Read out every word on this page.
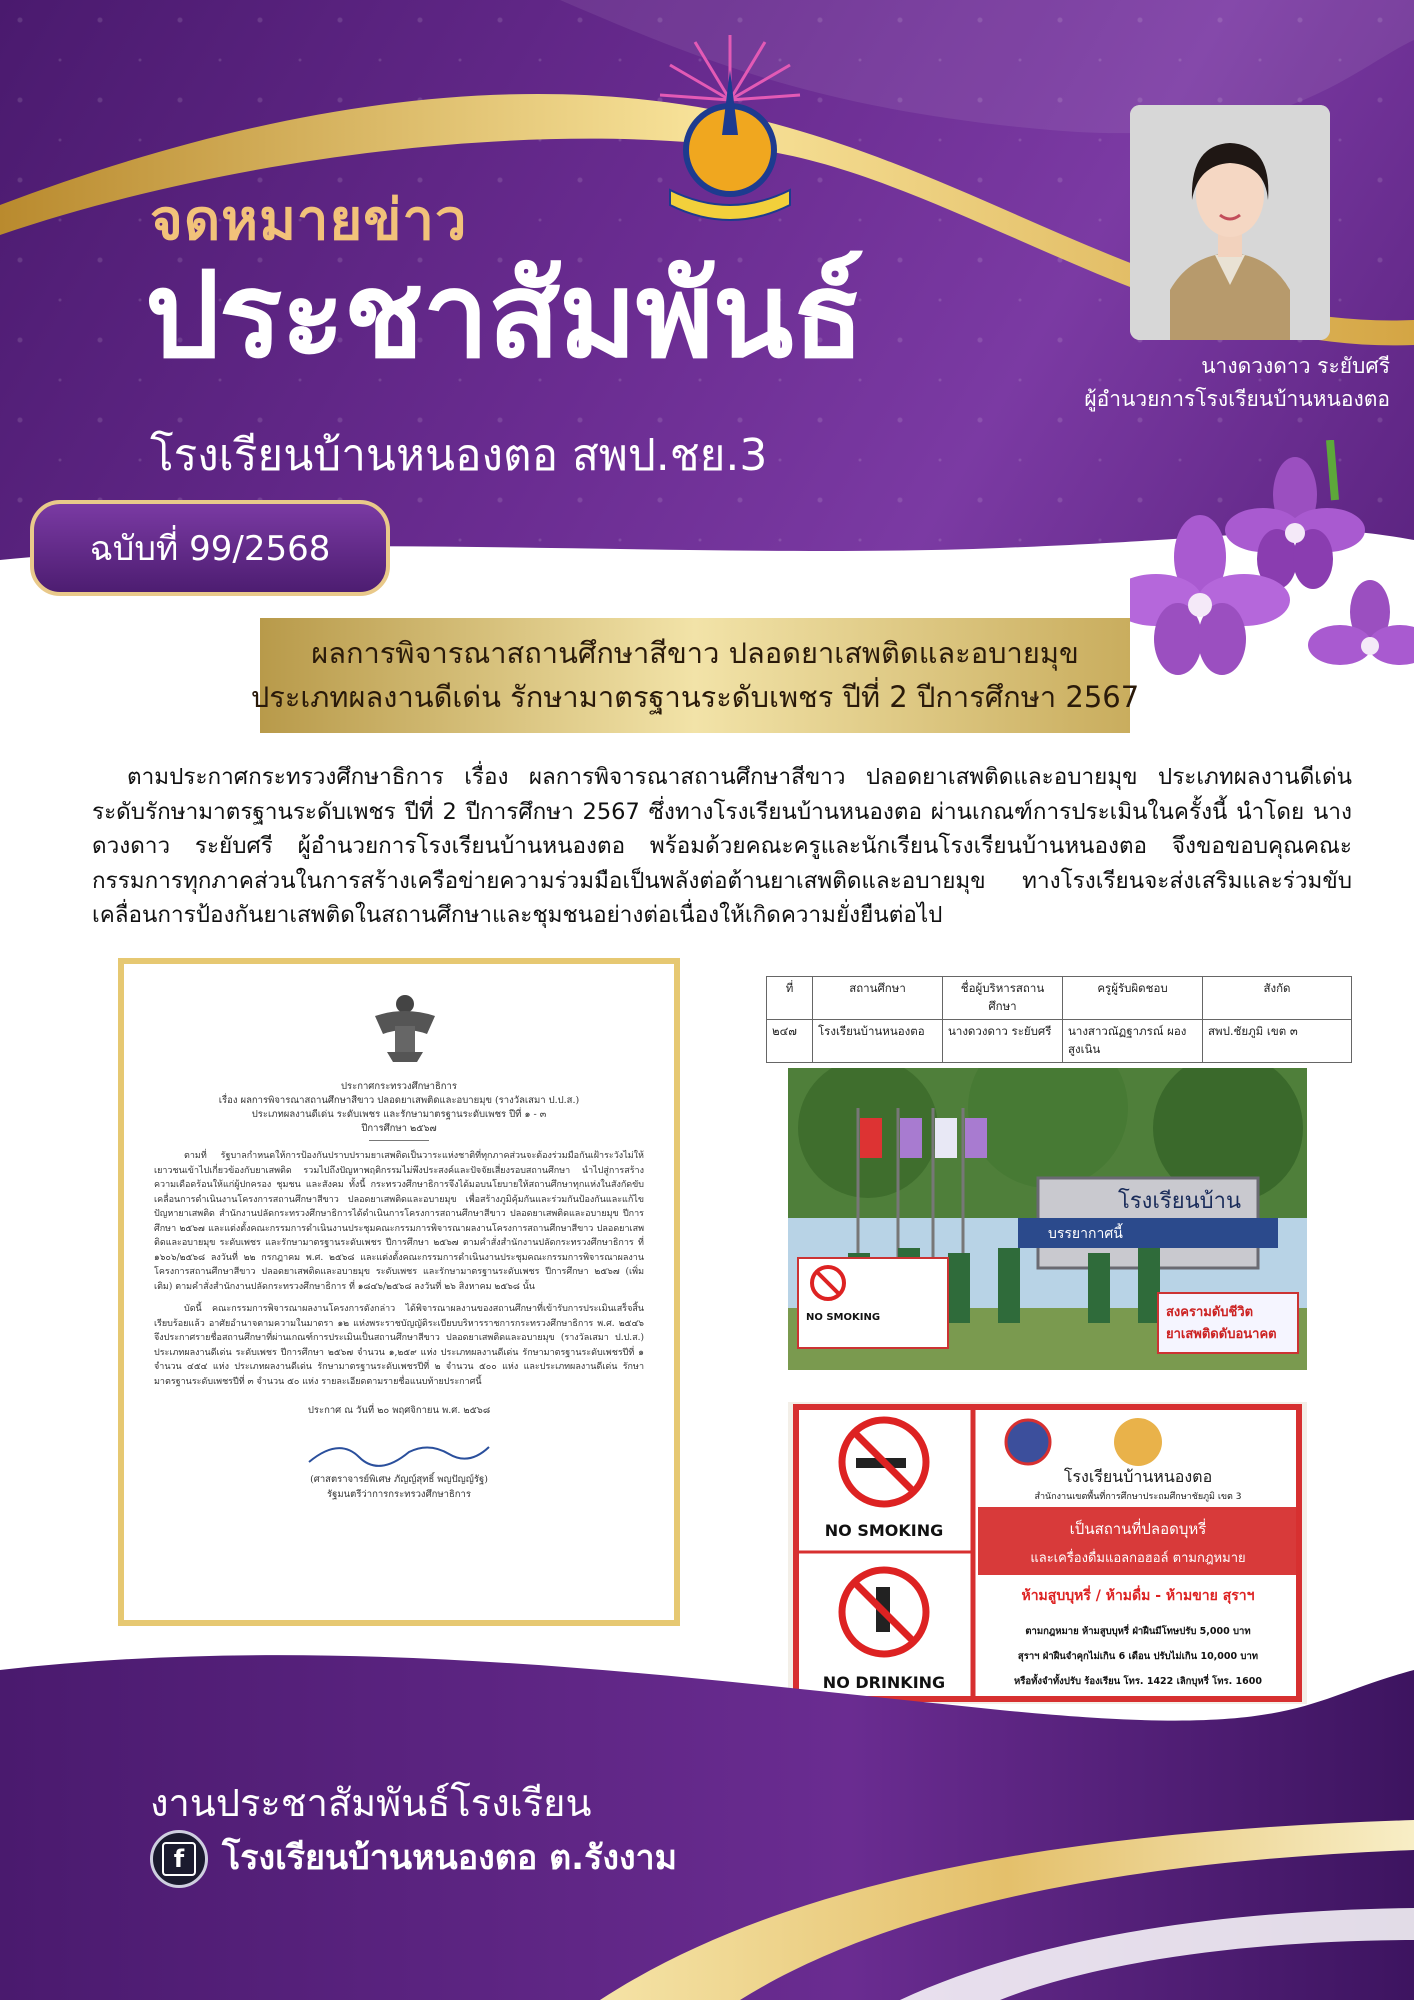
จดหมายข่าว
ประชาสัมพันธ์
โรงเรียนบ้านหนองตอ สพป.ชย.3
ฉบับที่ 99/2568
นางดวงดาว ระยับศรี
ผู้อำนวยการโรงเรียนบ้านหนองตอ
ผลการพิจารณาสถานศึกษาสีขาว ปลอดยาเสพติดและอบายมุข
ประเภทผลงานดีเด่น รักษามาตรฐานระดับเพชร ปีที่ 2 ปีการศึกษา 2567

ตามประกาศกระทรวงศึกษาธิการ เรื่อง ผลการพิจารณาสถานศึกษาสีขาว ปลอดยาเสพติดและอบายมุข ประเภทผลงานดีเด่น ระดับรักษามาตรฐานระดับเพชร ปีที่ 2 ปีการศึกษา 2567 ซึ่งทางโรงเรียนบ้านหนองตอ ผ่านเกณฑ์การประเมินในครั้งนี้ นำโดย นางดวงดาว ระยับศรี ผู้อำนวยการโรงเรียนบ้านหนองตอ พร้อมด้วยคณะครูและนักเรียนโรงเรียนบ้านหนองตอ จึงขอขอบคุณคณะกรรมการทุกภาคส่วนในการสร้างเครือข่ายความร่วมมือเป็นพลังต่อต้านยาเสพติดและอบายมุข ทางโรงเรียนจะส่งเสริมและร่วมขับเคลื่อนการป้องกันยาเสพติดในสถานศึกษาและชุมชนอย่างต่อเนื่องให้เกิดความยั่งยืนต่อไป

ประกาศกระทรวงศึกษาธิการ
เรื่อง ผลการพิจารณาสถานศึกษาสีขาว ปลอดยาเสพติดและอบายมุข (รางวัลเสมา ป.ป.ส.)
ประเภทผลงานดีเด่น ระดับเพชร และรักษามาตรฐานระดับเพชร ปีที่ ๑ - ๓
ปีการศึกษา ๒๕๖๗

ตามที่ รัฐบาลกำหนดให้การป้องกันปราบปรามยาเสพติดเป็นวาระแห่งชาติที่ทุกภาคส่วนจะต้องร่วมมือกันเฝ้าระวังไม่ให้เยาวชนเข้าไปเกี่ยวข้องกับยาเสพติด รวมไปถึงปัญหาพฤติกรรมไม่พึงประสงค์และปัจจัยเสี่ยงรอบสถานศึกษา นำไปสู่การสร้างความเดือดร้อนให้แก่ผู้ปกครอง ชุมชน และสังคม ทั้งนี้ กระทรวงศึกษาธิการจึงได้มอบนโยบายให้สถานศึกษาทุกแห่งในสังกัดขับเคลื่อนการดำเนินงานโครงการสถานศึกษาสีขาว ปลอดยาเสพติดและอบายมุข เพื่อสร้างภูมิคุ้มกันและร่วมกันป้องกันและแก้ไขปัญหายาเสพติด สำนักงานปลัดกระทรวงศึกษาธิการได้ดำเนินการโครงการสถานศึกษาสีขาว ปลอดยาเสพติดและอบายมุข ปีการศึกษา ๒๕๖๗ และแต่งตั้งคณะกรรมการดำเนินงานประชุมคณะกรรมการพิจารณาผลงานโครงการสถานศึกษาสีขาว ปลอดยาเสพติดและอบายมุข ระดับเพชร และรักษามาตรฐานระดับเพชร ปีการศึกษา ๒๕๖๗ ตามคำสั่งสำนักงานปลัดกระทรวงศึกษาธิการ ที่ ๑๖๐๖/๒๕๖๘ ลงวันที่ ๒๒ กรกฎาคม พ.ศ. ๒๕๖๘ และแต่งตั้งคณะกรรมการดำเนินงานประชุมคณะกรรมการพิจารณาผลงานโครงการสถานศึกษาสีขาว ปลอดยาเสพติดและอบายมุข ระดับเพชร และรักษามาตรฐานระดับเพชร ปีการศึกษา ๒๕๖๗ (เพิ่มเติม) ตามคำสั่งสำนักงานปลัดกระทรวงศึกษาธิการ ที่ ๑๘๔๖/๒๕๖๘ ลงวันที่ ๒๖ สิงหาคม ๒๕๖๘ นั้น

บัดนี้ คณะกรรมการพิจารณาผลงานโครงการดังกล่าว ได้พิจารณาผลงานของสถานศึกษาที่เข้ารับการประเมินเสร็จสิ้นเรียบร้อยแล้ว อาศัยอำนาจตามความในมาตรา ๑๒ แห่งพระราชบัญญัติระเบียบบริหารราชการกระทรวงศึกษาธิการ พ.ศ. ๒๕๔๖ จึงประกาศรายชื่อสถานศึกษาที่ผ่านเกณฑ์การประเมินเป็นสถานศึกษาสีขาว ปลอดยาเสพติดและอบายมุข (รางวัลเสมา ป.ป.ส.) ประเภทผลงานดีเด่น ระดับเพชร ปีการศึกษา ๒๕๖๗ จำนวน ๑,๒๕๙ แห่ง ประเภทผลงานดีเด่น รักษามาตรฐานระดับเพชรปีที่ ๑ จำนวน ๔๕๔ แห่ง ประเภทผลงานดีเด่น รักษามาตรฐานระดับเพชรปีที่ ๒ จำนวน ๕๐๐ แห่ง และประเภทผลงานดีเด่น รักษามาตรฐานระดับเพชรปีที่ ๓ จำนวน ๕๐ แห่ง รายละเอียดตามรายชื่อแนบท้ายประกาศนี้

ประกาศ ณ วันที่ ๒๐ พฤศจิกายน พ.ศ. ๒๕๖๘
(ศาสตราจารย์พิเศษ ภัญญ์สุทธิ์ พญปัญญ์รัฐ)
รัฐมนตรีว่าการกระทรวงศึกษาธิการ
ที่	สถานศึกษา	ชื่อผู้บริหารสถานศึกษา	ครูผู้รับผิดชอบ	สังกัด
๒๔๗	โรงเรียนบ้านหนองตอ	นางดวงดาว ระยับศรี	นางสาวณัฏฐาภรณ์ ผองสูงเนิน	สพป.ชัยภูมิ เขต ๓
บรรยากาศนี้
โรงเรียนบ้าน
NO SMOKING	สงครามดับชีวิต
ยาเสพติดดับอนาคต
NO SMOKING
NO DRINKING
โรงเรียนบ้านหนองตอ
สำนักงานเขตพื้นที่การศึกษาประถมศึกษาชัยภูมิ เขต 3
เป็นสถานที่ปลอดบุหรี่
และเครื่องดื่มแอลกอฮอล์ ตามกฎหมาย
ห้ามสูบบุหรี่ / ห้ามดื่ม - ห้ามขาย สุราฯ
ตามกฎหมาย ห้ามสูบบุหรี่ ฝ่าฝืนมีโทษปรับ 5,000 บาท
สุราฯ ฝ่าฝืนจำคุกไม่เกิน 6 เดือน ปรับไม่เกิน 10,000 บาท
หรือทั้งจำทั้งปรับ ร้องเรียน โทร. 1422 เลิกบุหรี่ โทร. 1600
งานประชาสัมพันธ์โรงเรียน
f	โรงเรียนบ้านหนองตอ ต.รังงาม
